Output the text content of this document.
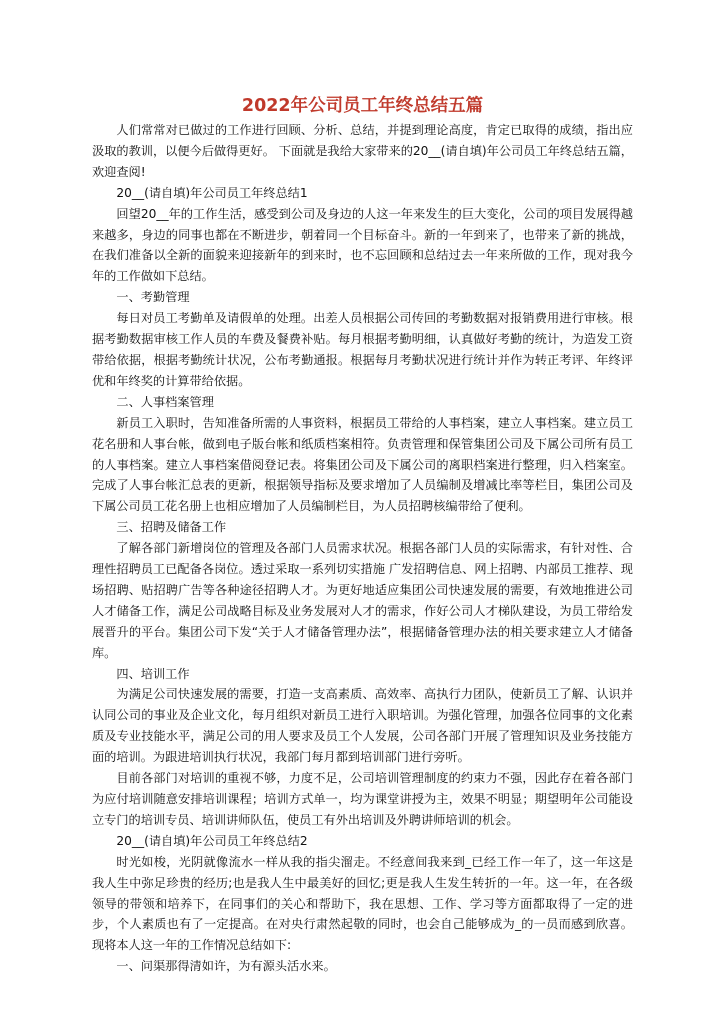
2022年公司员工年终总结五篇

人们常常对已做过的工作进行回顾、分析、总结，并提到理论高度，肯定已取得的成绩，指出应汲取的教训，以便今后做得更好。 下面就是我给大家带来的20__(请自填)年公司员工年终总结五篇，欢迎查阅!

20__(请自填)年公司员工年终总结1

回望20__年的工作生活，感受到公司及身边的人这一年来发生的巨大变化，公司的项目发展得越来越多，身边的同事也都在不断进步，朝着同一个目标奋斗。新的一年到来了，也带来了新的挑战，在我们准备以全新的面貌来迎接新年的到来时，也不忘回顾和总结过去一年来所做的工作，现对我今年的工作做如下总结。

一、考勤管理

每日对员工考勤单及请假单的处理。出差人员根据公司传回的考勤数据对报销费用进行审核。根据考勤数据审核工作人员的车费及餐费补贴。每月根据考勤明细，认真做好考勤的统计，为造发工资带给依据，根据考勤统计状况，公布考勤通报。根据每月考勤状况进行统计并作为转正考评、年终评优和年终奖的计算带给依据。

二、人事档案管理

新员工入职时，告知准备所需的人事资料，根据员工带给的人事档案，建立人事档案。建立员工花名册和人事台帐，做到电子版台帐和纸质档案相符。负责管理和保管集团公司及下属公司所有员工的人事档案。建立人事档案借阅登记表。将集团公司及下属公司的离职档案进行整理，归入档案室。完成了人事台帐汇总表的更新，根据领导指标及要求增加了人员编制及增减比率等栏目，集团公司及下属公司员工花名册上也相应增加了人员编制栏目，为人员招聘核编带给了便利。

三、招聘及储备工作

了解各部门新增岗位的管理及各部门人员需求状况。根据各部门人员的实际需求，有针对性、合理性招聘员工已配备各岗位。透过采取一系列切实措施 广发招聘信息、网上招聘、内部员工推荐、现场招聘、贴招聘广告等各种途径招聘人才。为更好地适应集团公司快速发展的需要，有效地推进公司人才储备工作，满足公司战略目标及业务发展对人才的需求，作好公司人才梯队建设，为员工带给发展晋升的平台。集团公司下发“关于人才储备管理办法”，根据储备管理办法的相关要求建立人才储备库。

四、培训工作

为满足公司快速发展的需要，打造一支高素质、高效率、高执行力团队，使新员工了解、认识并认同公司的事业及企业文化，每月组织对新员工进行入职培训。为强化管理，加强各位同事的文化素质及专业技能水平，满足公司的用人要求及员工个人发展，公司各部门开展了管理知识及业务技能方面的培训。为跟进培训执行状况，我部门每月都到培训部门进行旁听。

目前各部门对培训的重视不够，力度不足，公司培训管理制度的约束力不强，因此存在着各部门为应付培训随意安排培训课程；培训方式单一，均为课堂讲授为主，效果不明显；期望明年公司能设立专门的培训专员、培训讲师队伍，使员工有外出培训及外聘讲师培训的机会。

20__(请自填)年公司员工年终总结2

时光如梭，光阴就像流水一样从我的指尖溜走。不经意间我来到_已经工作一年了，这一年这是我人生中弥足珍贵的经历;也是我人生中最美好的回忆;更是我人生发生转折的一年。这一年，在各级领导的带领和培养下，在同事们的关心和帮助下，我在思想、工作、学习等方面都取得了一定的进步，个人素质也有了一定提高。在对央行肃然起敬的同时，也会自己能够成为_的一员而感到欣喜。现将本人这一年的工作情况总结如下:

一、问渠那得清如许，为有源头活水来。
